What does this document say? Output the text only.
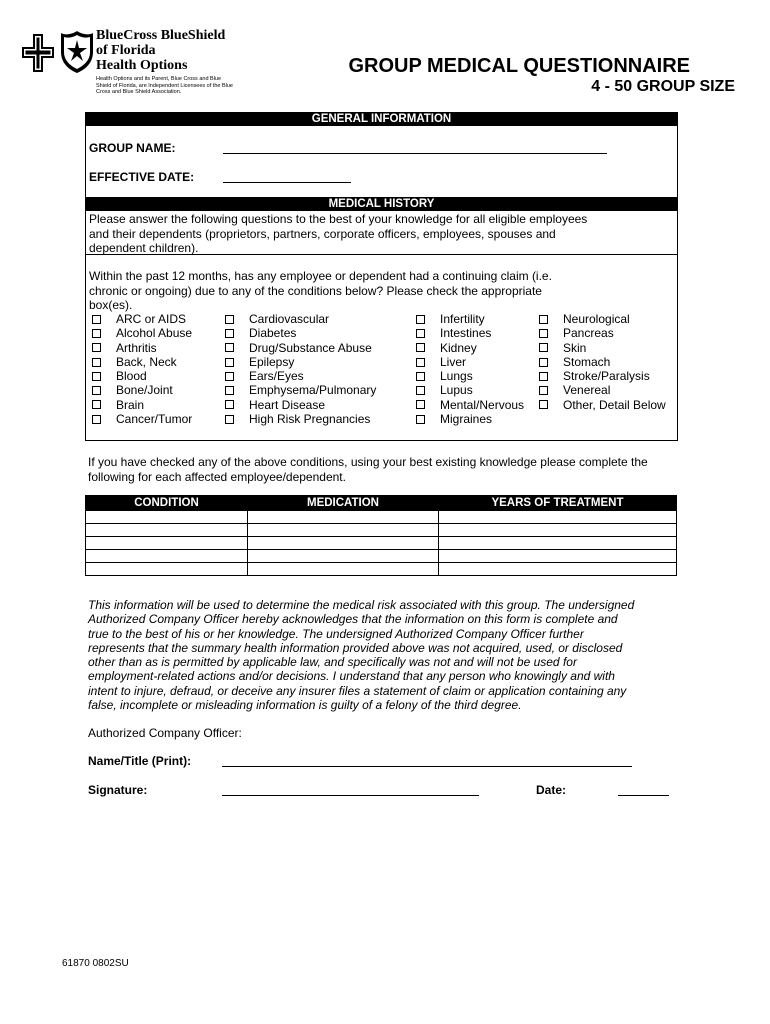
BlueCross BlueShield
of Florida
Health Options
Health Options and its Parent, Blue Cross and Blue Shield of Florida, are Independent Licensees of the Blue Cross and Blue Shield Association.
GROUP MEDICAL QUESTIONNAIRE
4 - 50 GROUP SIZE
GENERAL INFORMATION
GROUP NAME:
EFFECTIVE DATE:
MEDICAL HISTORY
Please answer the following questions to the best of your knowledge for all eligible employees and their dependents (proprietors, partners, corporate officers, employees, spouses and dependent children).
Within the past 12 months, has any employee or dependent had a continuing claim (i.e. chronic or ongoing) due to any of the conditions below? Please check the appropriate box(es).
ARC or AIDS
Alcohol Abuse
Arthritis
Back, Neck
Blood
Bone/Joint
Brain
Cancer/Tumor
Cardiovascular
Diabetes
Drug/Substance Abuse
Epilepsy
Ears/Eyes
Emphysema/Pulmonary
Heart Disease
High Risk Pregnancies
Infertility
Intestines
Kidney
Liver
Lungs
Lupus
Mental/Nervous
Migraines
Neurological
Pancreas
Skin
Stomach
Stroke/Paralysis
Venereal
Other, Detail Below
If you have checked any of the above conditions, using your best existing knowledge please complete the following for each affected employee/dependent.
CONDITION	MEDICATION	YEARS OF TREATMENT

This information will be used to determine the medical risk associated with this group. The undersigned Authorized Company Officer hereby acknowledges that the information on this form is complete and true to the best of his or her knowledge. The undersigned Authorized Company Officer further represents that the summary health information provided above was not acquired, used, or disclosed other than as is permitted by applicable law, and specifically was not and will not be used for employment-related actions and/or decisions. I understand that any person who knowingly and with intent to injure, defraud, or deceive any insurer files a statement of claim or application containing any false, incomplete or misleading information is guilty of a felony of the third degree.
Authorized Company Officer:
Name/Title (Print):
Signature:	Date:
61870 0802SU
